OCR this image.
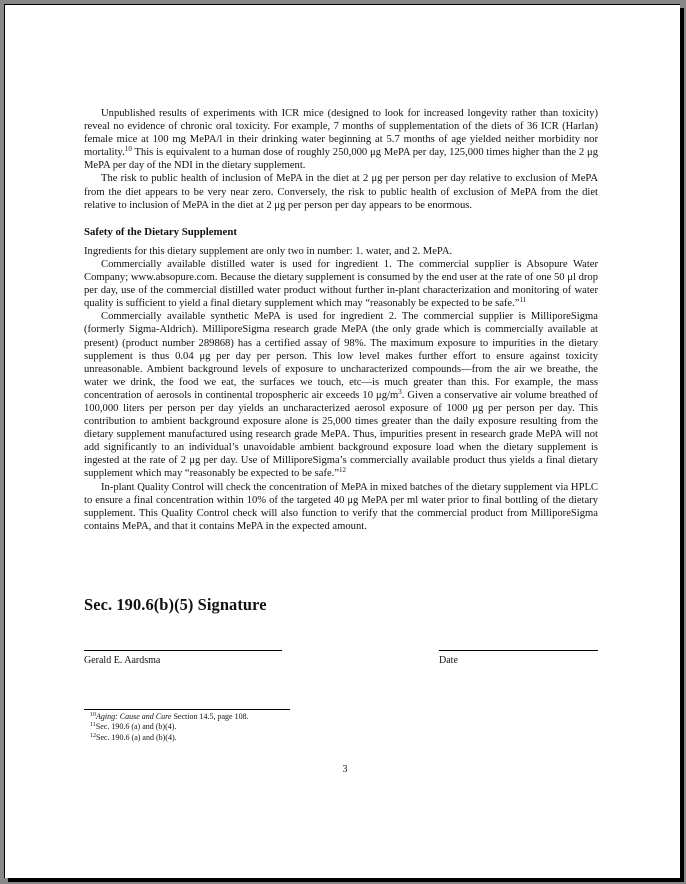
Unpublished results of experiments with ICR mice (designed to look for increased longevity rather than toxicity) reveal no evidence of chronic oral toxicity. For example, 7 months of supplementation of the diets of 36 ICR (Harlan) female mice at 100 mg MePA/l in their drinking water beginning at 5.7 months of age yielded neither morbidity nor mortality.$^{10}$ This is equivalent to a human dose of roughly 250,000 μg MePA per day, 125,000 times higher than the 2 μg MePA per day of the NDI in the dietary supplement.

The risk to public health of inclusion of MePA in the diet at 2 μg per person per day relative to exclusion of MePA from the diet appears to be very near zero. Conversely, the risk to public health of exclusion of MePA from the diet relative to inclusion of MePA in the diet at 2 μg per person per day appears to be enormous.

Safety of the Dietary Supplement

Ingredients for this dietary supplement are only two in number: 1. water, and 2. MePA.

Commercially available distilled water is used for ingredient 1. The commercial supplier is Absopure Water Company; www.absopure.com. Because the dietary supplement is consumed by the end user at the rate of one 50 μl drop per day, use of the commercial distilled water product without further in-plant characterization and monitoring of water quality is sufficient to yield a final dietary supplement which may “reasonably be expected to be safe.”$^{11}$

Commercially available synthetic MePA is used for ingredient 2. The commercial supplier is MilliporeSigma (formerly Sigma-Aldrich). MilliporeSigma research grade MePA (the only grade which is commercially available at present) (product number 289868) has a certified assay of 98%. The maximum exposure to impurities in the dietary supplement is thus 0.04 μg per day per person. This low level makes further effort to ensure against toxicity unreasonable. Ambient background levels of exposure to uncharacterized compounds—from the air we breathe, the water we drink, the food we eat, the surfaces we touch, etc—is much greater than this. For example, the mass concentration of aerosols in continental tropospheric air exceeds 10 $\mu g/m^3$. Given a conservative air volume breathed of 100,000 liters per person per day yields an uncharacterized aerosol exposure of 1000 μg per person per day. This contribution to ambient background exposure alone is 25,000 times greater than the daily exposure resulting from the dietary supplement manufactured using research grade MePA. Thus, impurities present in research grade MePA will not add significantly to an individual’s unavoidable ambient background exposure load when the dietary supplement is ingested at the rate of 2 μg per day. Use of MilliporeSigma’s commercially available product thus yields a final dietary supplement which may “reasonably be expected to be safe.”$^{12}$

In-plant Quality Control will check the concentration of MePA in mixed batches of the dietary supplement via HPLC to ensure a final concentration within 10% of the targeted 40 μg MePA per ml water prior to final bottling of the dietary supplement. This Quality Control check will also function to verify that the commercial product from MilliporeSigma contains MePA, and that it contains MePA in the expected amount.

Sec. 190.6(b)(5) Signature
Gerald E. Aardsma	Date
$^{10}$Aging: Cause and Cure Section 14.5, page 108.
$^{11}$Sec. 190.6 (a) and (b)(4).
$^{12}$Sec. 190.6 (a) and (b)(4).
3
